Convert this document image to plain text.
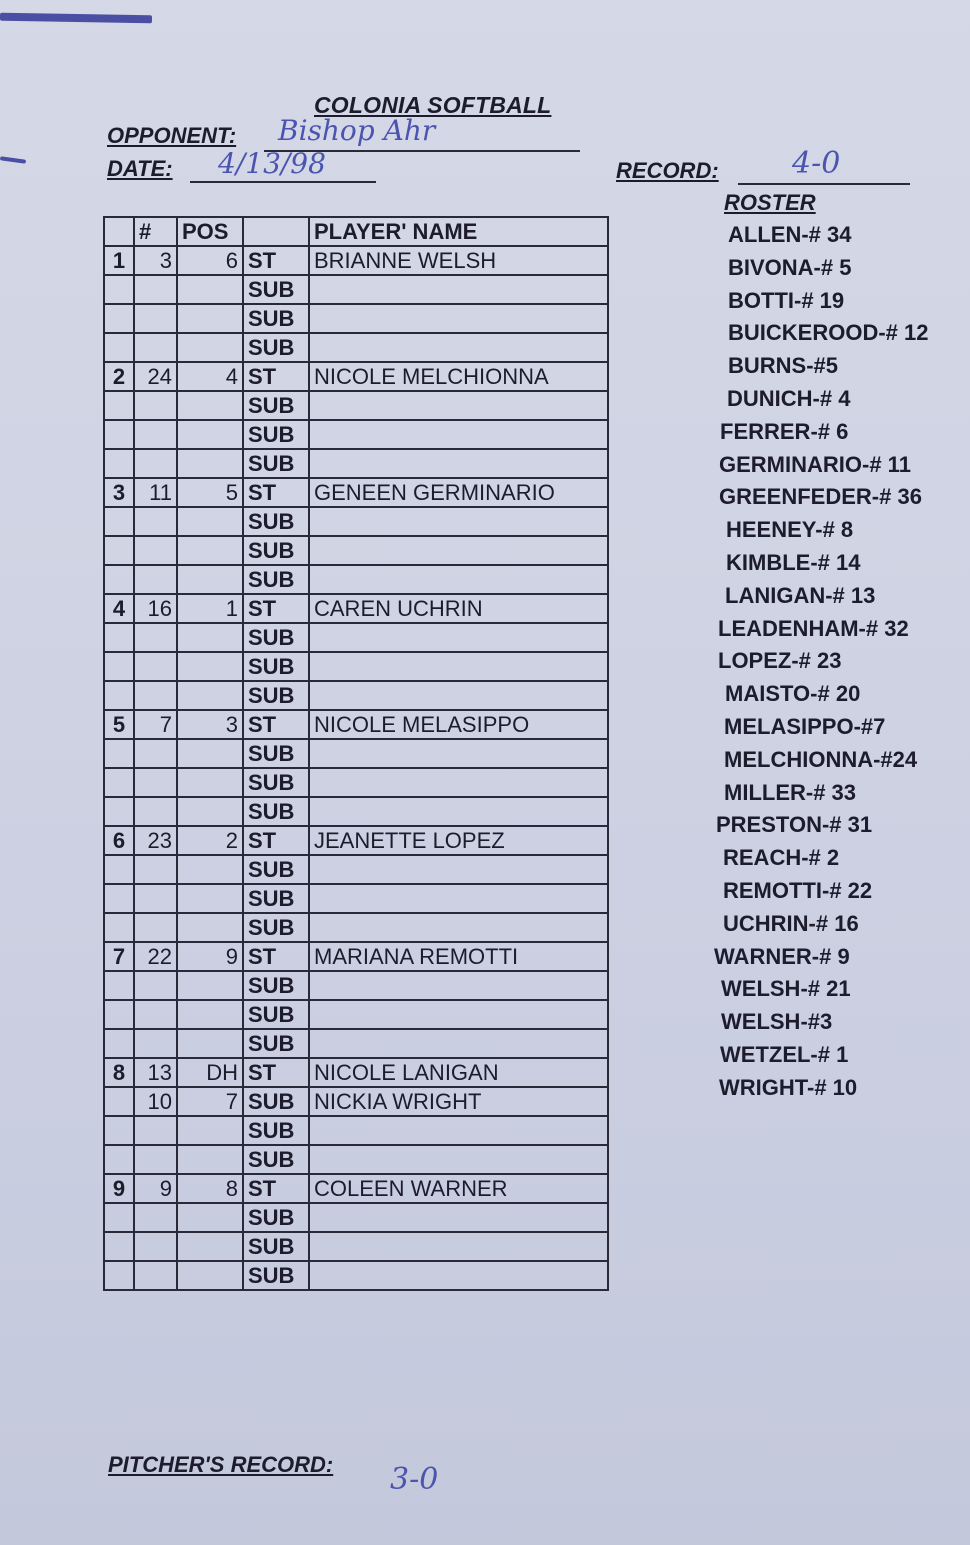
COLONIA SOFTBALL
OPPONENT: Bishop Ahr
DATE: 4/13/98	RECORD: 4-0
	#	POS		PLAYER' NAME
1	3	6	ST	BRIANNE WELSH
			SUB	
			SUB	
			SUB	
2	24	4	ST	NICOLE MELCHIONNA
			SUB	
			SUB	
			SUB	
3	11	5	ST	GENEEN GERMINARIO
			SUB	
			SUB	
			SUB	
4	16	1	ST	CAREN UCHRIN
			SUB	
			SUB	
			SUB	
5	7	3	ST	NICOLE MELASIPPO
			SUB	
			SUB	
			SUB	
6	23	2	ST	JEANETTE LOPEZ
			SUB	
			SUB	
			SUB	
7	22	9	ST	MARIANA REMOTTI
			SUB	
			SUB	
			SUB	
8	13	DH	ST	NICOLE LANIGAN
	10	7	SUB	NICKIA WRIGHT
			SUB	
			SUB	
9	9	8	ST	COLEEN WARNER
			SUB	
			SUB	
			SUB	
ROSTER
ALLEN-# 34
BIVONA-# 5
BOTTI-# 19
BUICKEROOD-# 12
BURNS-#5
DUNICH-# 4
FERRER-# 6
GERMINARIO-# 11
GREENFEDER-# 36
HEENEY-# 8
KIMBLE-# 14
LANIGAN-# 13
LEADENHAM-# 32
LOPEZ-# 23
MAISTO-# 20
MELASIPPO-#7
MELCHIONNA-#24
MILLER-# 33
PRESTON-# 31
REACH-# 2
REMOTTI-# 22
UCHRIN-# 16
WARNER-# 9
WELSH-# 21
WELSH-#3
WETZEL-# 1
WRIGHT-# 10
PITCHER'S RECORD: 3-0
